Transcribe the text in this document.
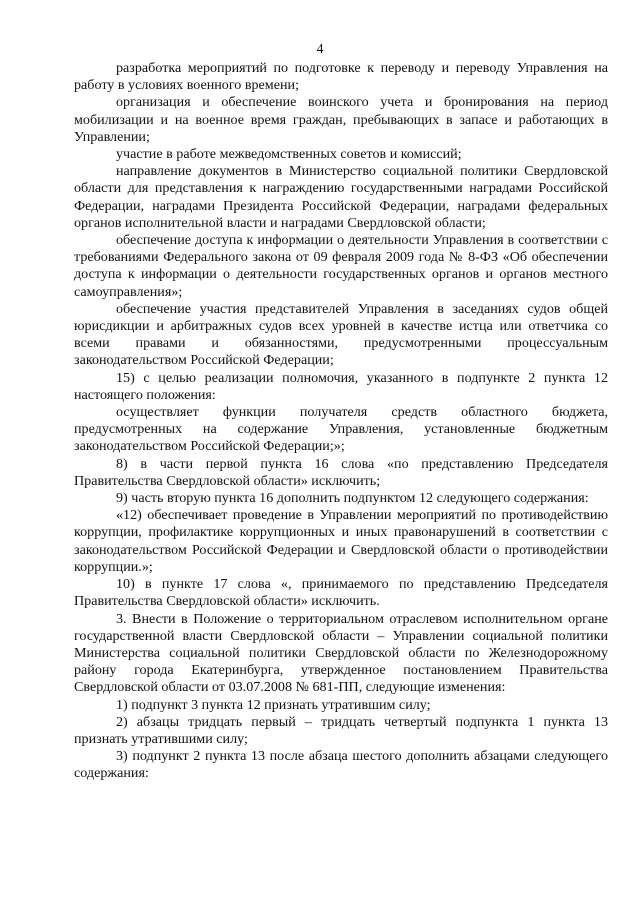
4

разработка мероприятий по подготовке к переводу и переводу Управления на работу в условиях военного времени;

организация и обеспечение воинского учета и бронирования на период мобилизации и на военное время граждан, пребывающих в запасе и работающих в Управлении;

участие в работе межведомственных советов и комиссий;

направление документов в Министерство социальной политики Свердловской области для представления к награждению государственными наградами Российской Федерации, наградами Президента Российской Федерации, наградами федеральных органов исполнительной власти и наградами Свердловской области;

обеспечение доступа к информации о деятельности Управления в соответствии с требованиями Федерального закона от 09 февраля 2009 года № 8-ФЗ «Об обеспечении доступа к информации о деятельности государственных органов и органов местного самоуправления»;

обеспечение участия представителей Управления в заседаниях судов общей юрисдикции и арбитражных судов всех уровней в качестве истца или ответчика со всеми правами и обязанностями, предусмотренными процессуальным законодательством Российской Федерации;

15) с целью реализации полномочия, указанного в подпункте 2 пункта 12 настоящего положения:

осуществляет функции получателя средств областного бюджета, предусмотренных на содержание Управления, установленные бюджетным законодательством Российской Федерации;»;

8) в части первой пункта 16 слова «по представлению Председателя Правительства Свердловской области» исключить;

9) часть вторую пункта 16 дополнить подпунктом 12 следующего содержания:

«12) обеспечивает проведение в Управлении мероприятий по противодействию коррупции, профилактике коррупционных и иных правонарушений в соответствии с законодательством Российской Федерации и Свердловской области о противодействии коррупции.»;

10) в пункте 17 слова «, принимаемого по представлению Председателя Правительства Свердловской области» исключить.

3. Внести в Положение о территориальном отраслевом исполнительном органе государственной власти Свердловской области – Управлении социальной политики Министерства социальной политики Свердловской области по Железнодорожному району города Екатеринбурга, утвержденное постановлением Правительства Свердловской области от 03.07.2008 № 681-ПП, следующие изменения:

1) подпункт 3 пункта 12 признать утратившим силу;

2) абзацы тридцать первый – тридцать четвертый подпункта 1 пункта 13 признать утратившими силу;

3) подпункт 2 пункта 13 после абзаца шестого дополнить абзацами следующего содержания:
